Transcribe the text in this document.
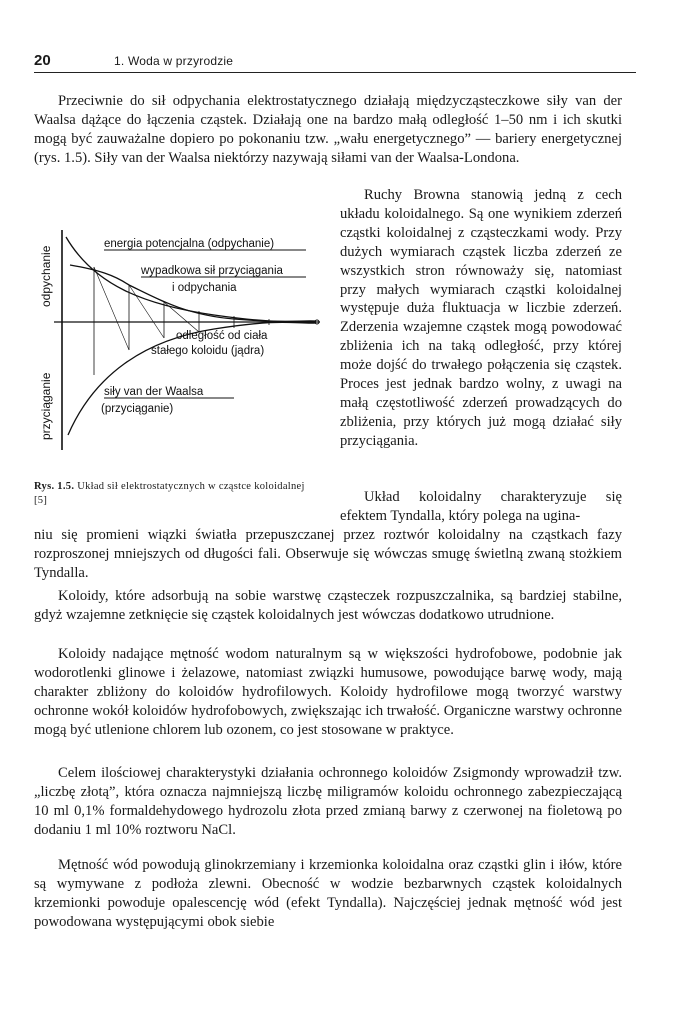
20	1. Woda w przyrodzie

Przeciwnie do sił odpychania elektrostatycznego działają międzycząsteczkowe siły van der Waalsa dążące do łączenia cząstek. Działają one na bardzo małą odległość 1–50 nm i ich skutki mogą być zauważalne dopiero po pokonaniu tzw. „wału energetycznego” — bariery energetycznej (rys. 1.5). Siły van der Waalsa niektórzy nazywają siłami van der Waalsa-Londona.

Ruchy Browna stanowią jedną z cech układu koloidalnego. Są one wynikiem zderzeń cząstki koloidalnej z cząsteczkami wody. Przy dużych wymiarach cząstek liczba zderzeń ze wszystkich stron równoważy się, natomiast przy małych wymiarach cząstki koloidalnej występuje duża fluktuacja w liczbie zderzeń. Zderzenia wzajemne cząstek mogą powodować zbliżenia ich na taką odległość, przy której może dojść do trwałego połączenia się cząstek. Proces jest jednak bardzo wolny, z uwagi na małą częstotliwość zderzeń prowadzących do zbliżenia, przy których już mogą działać siły przyciągania.

Układ koloidalny charakteryzuje się efektem Tyndalla, który polega na ugina-

odpychanie
przyciąganie
energia potencjalna (odpychanie)
wypadkowa sił przyciągania
i odpychania
odległość od ciała
stałego koloidu (jądra)
siły van der Waalsa
(przyciąganie)
Rys. 1.5. Układ sił elektrostatycznych w cząstce koloidalnej [5]

niu się promieni wiązki światła przepuszczanej przez roztwór koloidalny na cząstkach fazy rozproszonej mniejszych od długości fali. Obserwuje się wówczas smugę świetlną zwaną stożkiem Tyndalla.

Koloidy, które adsorbują na sobie warstwę cząsteczek rozpuszczalnika, są bardziej stabilne, gdyż wzajemne zetknięcie się cząstek koloidalnych jest wówczas dodatkowo utrudnione.

Koloidy nadające mętność wodom naturalnym są w większości hydrofobowe, podobnie jak wodorotlenki glinowe i żelazowe, natomiast związki humusowe, powodujące barwę wody, mają charakter zbliżony do koloidów hydrofilowych. Koloidy hydrofilowe mogą tworzyć warstwy ochronne wokół koloidów hydrofobowych, zwiększając ich trwałość. Organiczne warstwy ochronne mogą być utlenione chlorem lub ozonem, co jest stosowane w praktyce.

Celem ilościowej charakterystyki działania ochronnego koloidów Zsigmondy wprowadził tzw. „liczbę złotą”, która oznacza najmniejszą liczbę miligramów koloidu ochronnego zabezpieczającą 10 ml 0,1% formaldehydowego hydrozolu złota przed zmianą barwy z czerwonej na fioletową po dodaniu 1 ml 10% roztworu NaCl.

Mętność wód powodują glinokrzemiany i krzemionka koloidalna oraz cząstki glin i iłów, które są wymywane z podłoża zlewni. Obecność w wodzie bezbarwnych cząstek koloidalnych krzemionki powoduje opalescencję wód (efekt Tyndalla). Najczęściej jednak mętność wód jest powodowana występującymi obok siebie
